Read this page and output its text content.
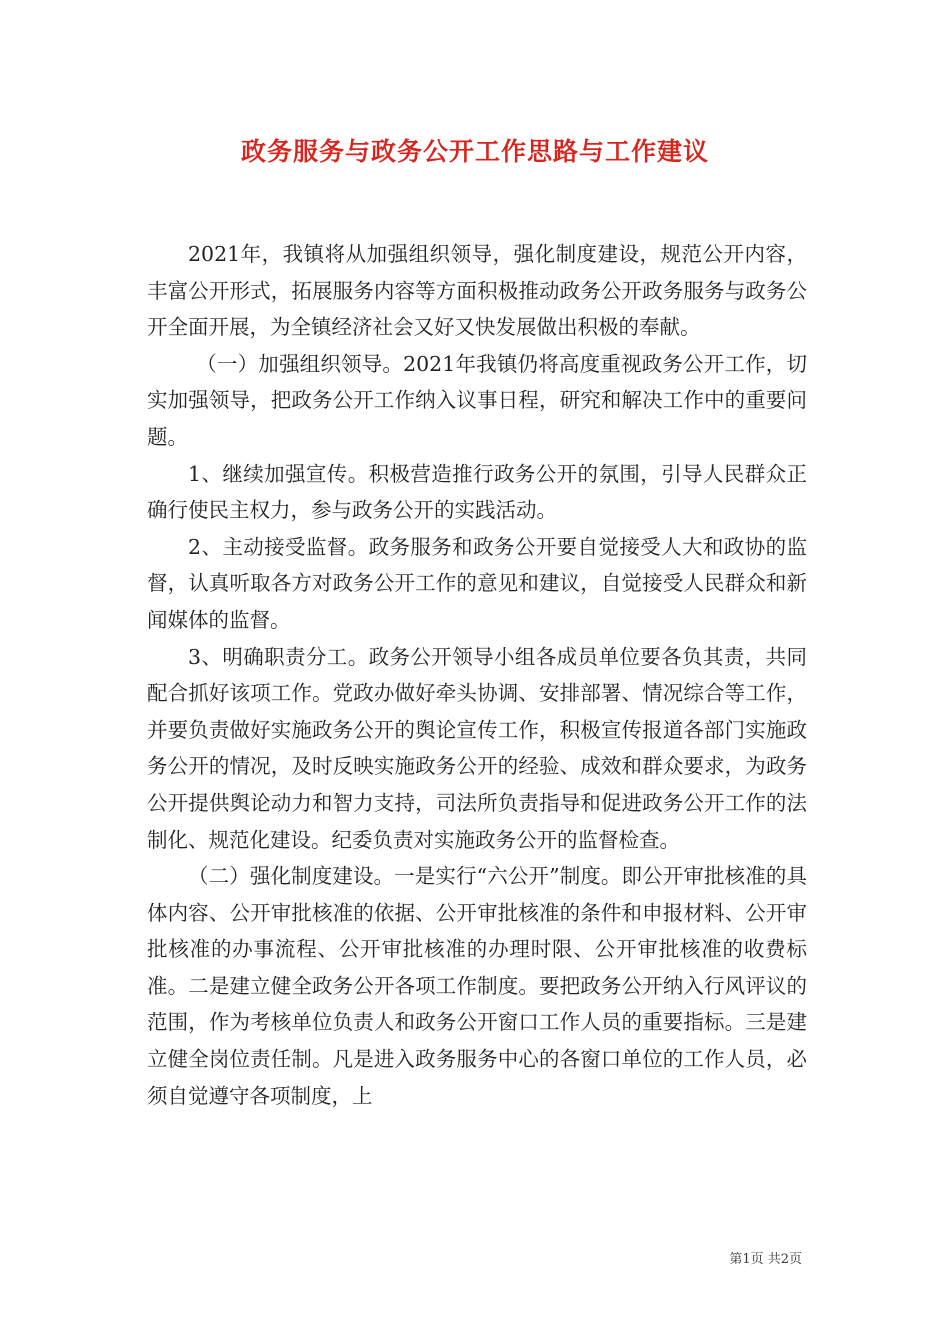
政务服务与政务公开工作思路与工作建议

2021年，我镇将从加强组织领导，强化制度建设，规范公开内容，丰富公开形式，拓展服务内容等方面积极推动政务公开政务服务与政务公开全面开展，为全镇经济社会又好又快发展做出积极的奉献。

（一）加强组织领导。2021年我镇仍将高度重视政务公开工作，切实加强领导，把政务公开工作纳入议事日程，研究和解决工作中的重要问题。

1、继续加强宣传。积极营造推行政务公开的氛围，引导人民群众正确行使民主权力，参与政务公开的实践活动。

2、主动接受监督。政务服务和政务公开要自觉接受人大和政协的监督，认真听取各方对政务公开工作的意见和建议，自觉接受人民群众和新闻媒体的监督。

3、明确职责分工。政务公开领导小组各成员单位要各负其责，共同配合抓好该项工作。党政办做好牵头协调、安排部署、情况综合等工作，并要负责做好实施政务公开的舆论宣传工作，积极宣传报道各部门实施政务公开的情况，及时反映实施政务公开的经验、成效和群众要求，为政务公开提供舆论动力和智力支持，司法所负责指导和促进政务公开工作的法制化、规范化建设。纪委负责对实施政务公开的监督检查。

（二）强化制度建设。一是实行“六公开”制度。即公开审批核准的具体内容、公开审批核准的依据、公开审批核准的条件和申报材料、公开审批核准的办事流程、公开审批核准的办理时限、公开审批核准的收费标准。二是建立健全政务公开各项工作制度。要把政务公开纳入行风评议的范围，作为考核单位负责人和政务公开窗口工作人员的重要指标。三是建立健全岗位责任制。凡是进入政务服务中心的各窗口单位的工作人员，必须自觉遵守各项制度，上

第1页 共2页
